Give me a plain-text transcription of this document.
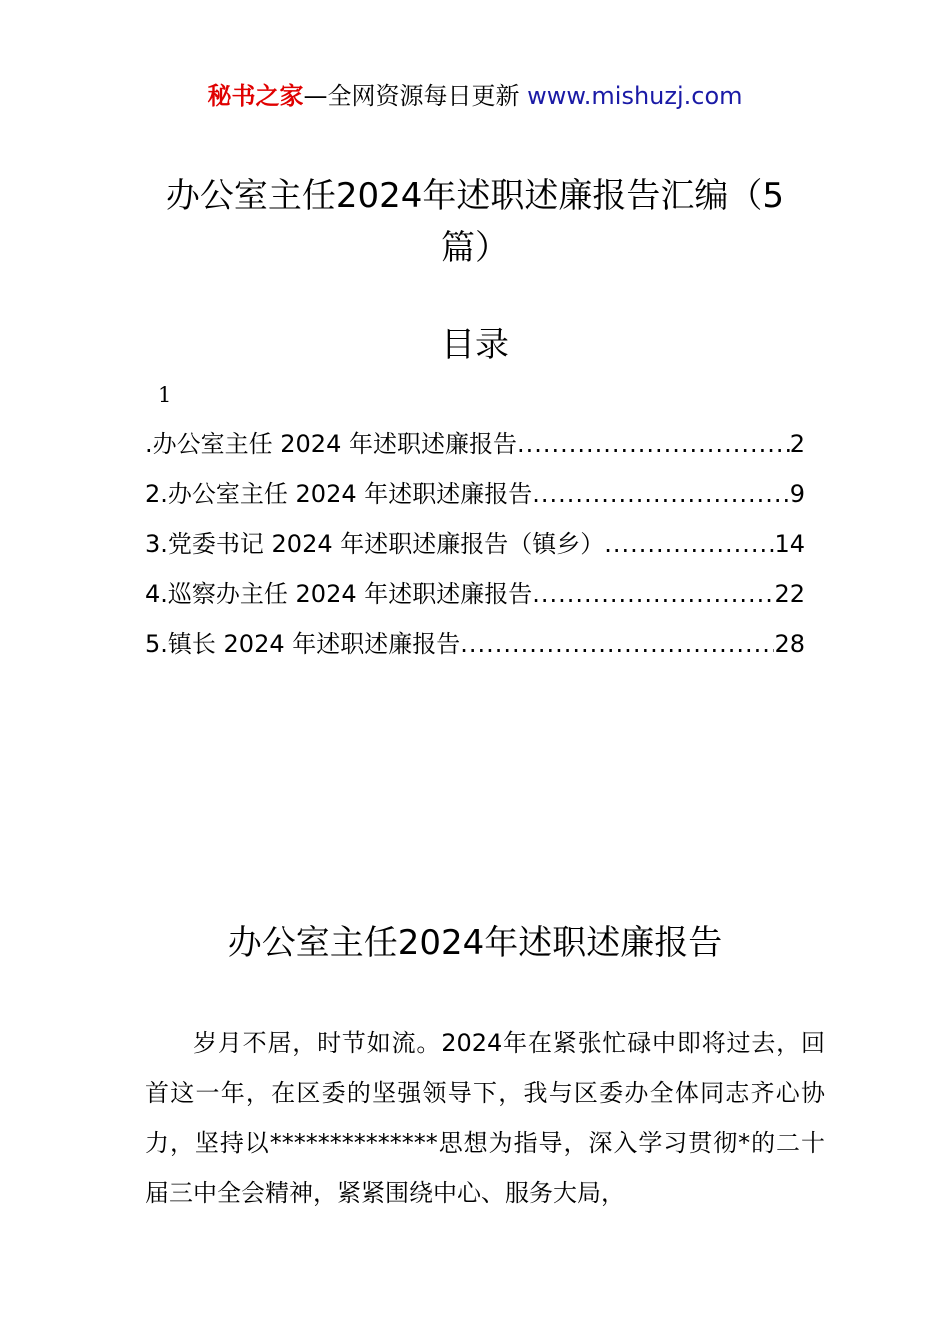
秘书之家—全网资源每日更新 www.mishuzj.com
办公室主任2024年述职述廉报告汇编（5篇）
目录
1
.办公室主任 2024 年述职述廉报告 .....	2
2.办公室主任 2024 年述职述廉报告 .....	9
3.党委书记 2024 年述职述廉报告（镇乡） .....	14
4.巡察办主任 2024 年述职述廉报告 .....	22
5.镇长 2024 年述职述廉报告 .....	28
办公室主任2024年述职述廉报告

岁月不居，时节如流。2024年在紧张忙碌中即将过去，回首这一年，在区委的坚强领导下，我与区委办全体同志齐心协力，坚持以**************思想为指导，深入学习贯彻*的二十届三中全会精神，紧紧围绕中心、服务大局，
